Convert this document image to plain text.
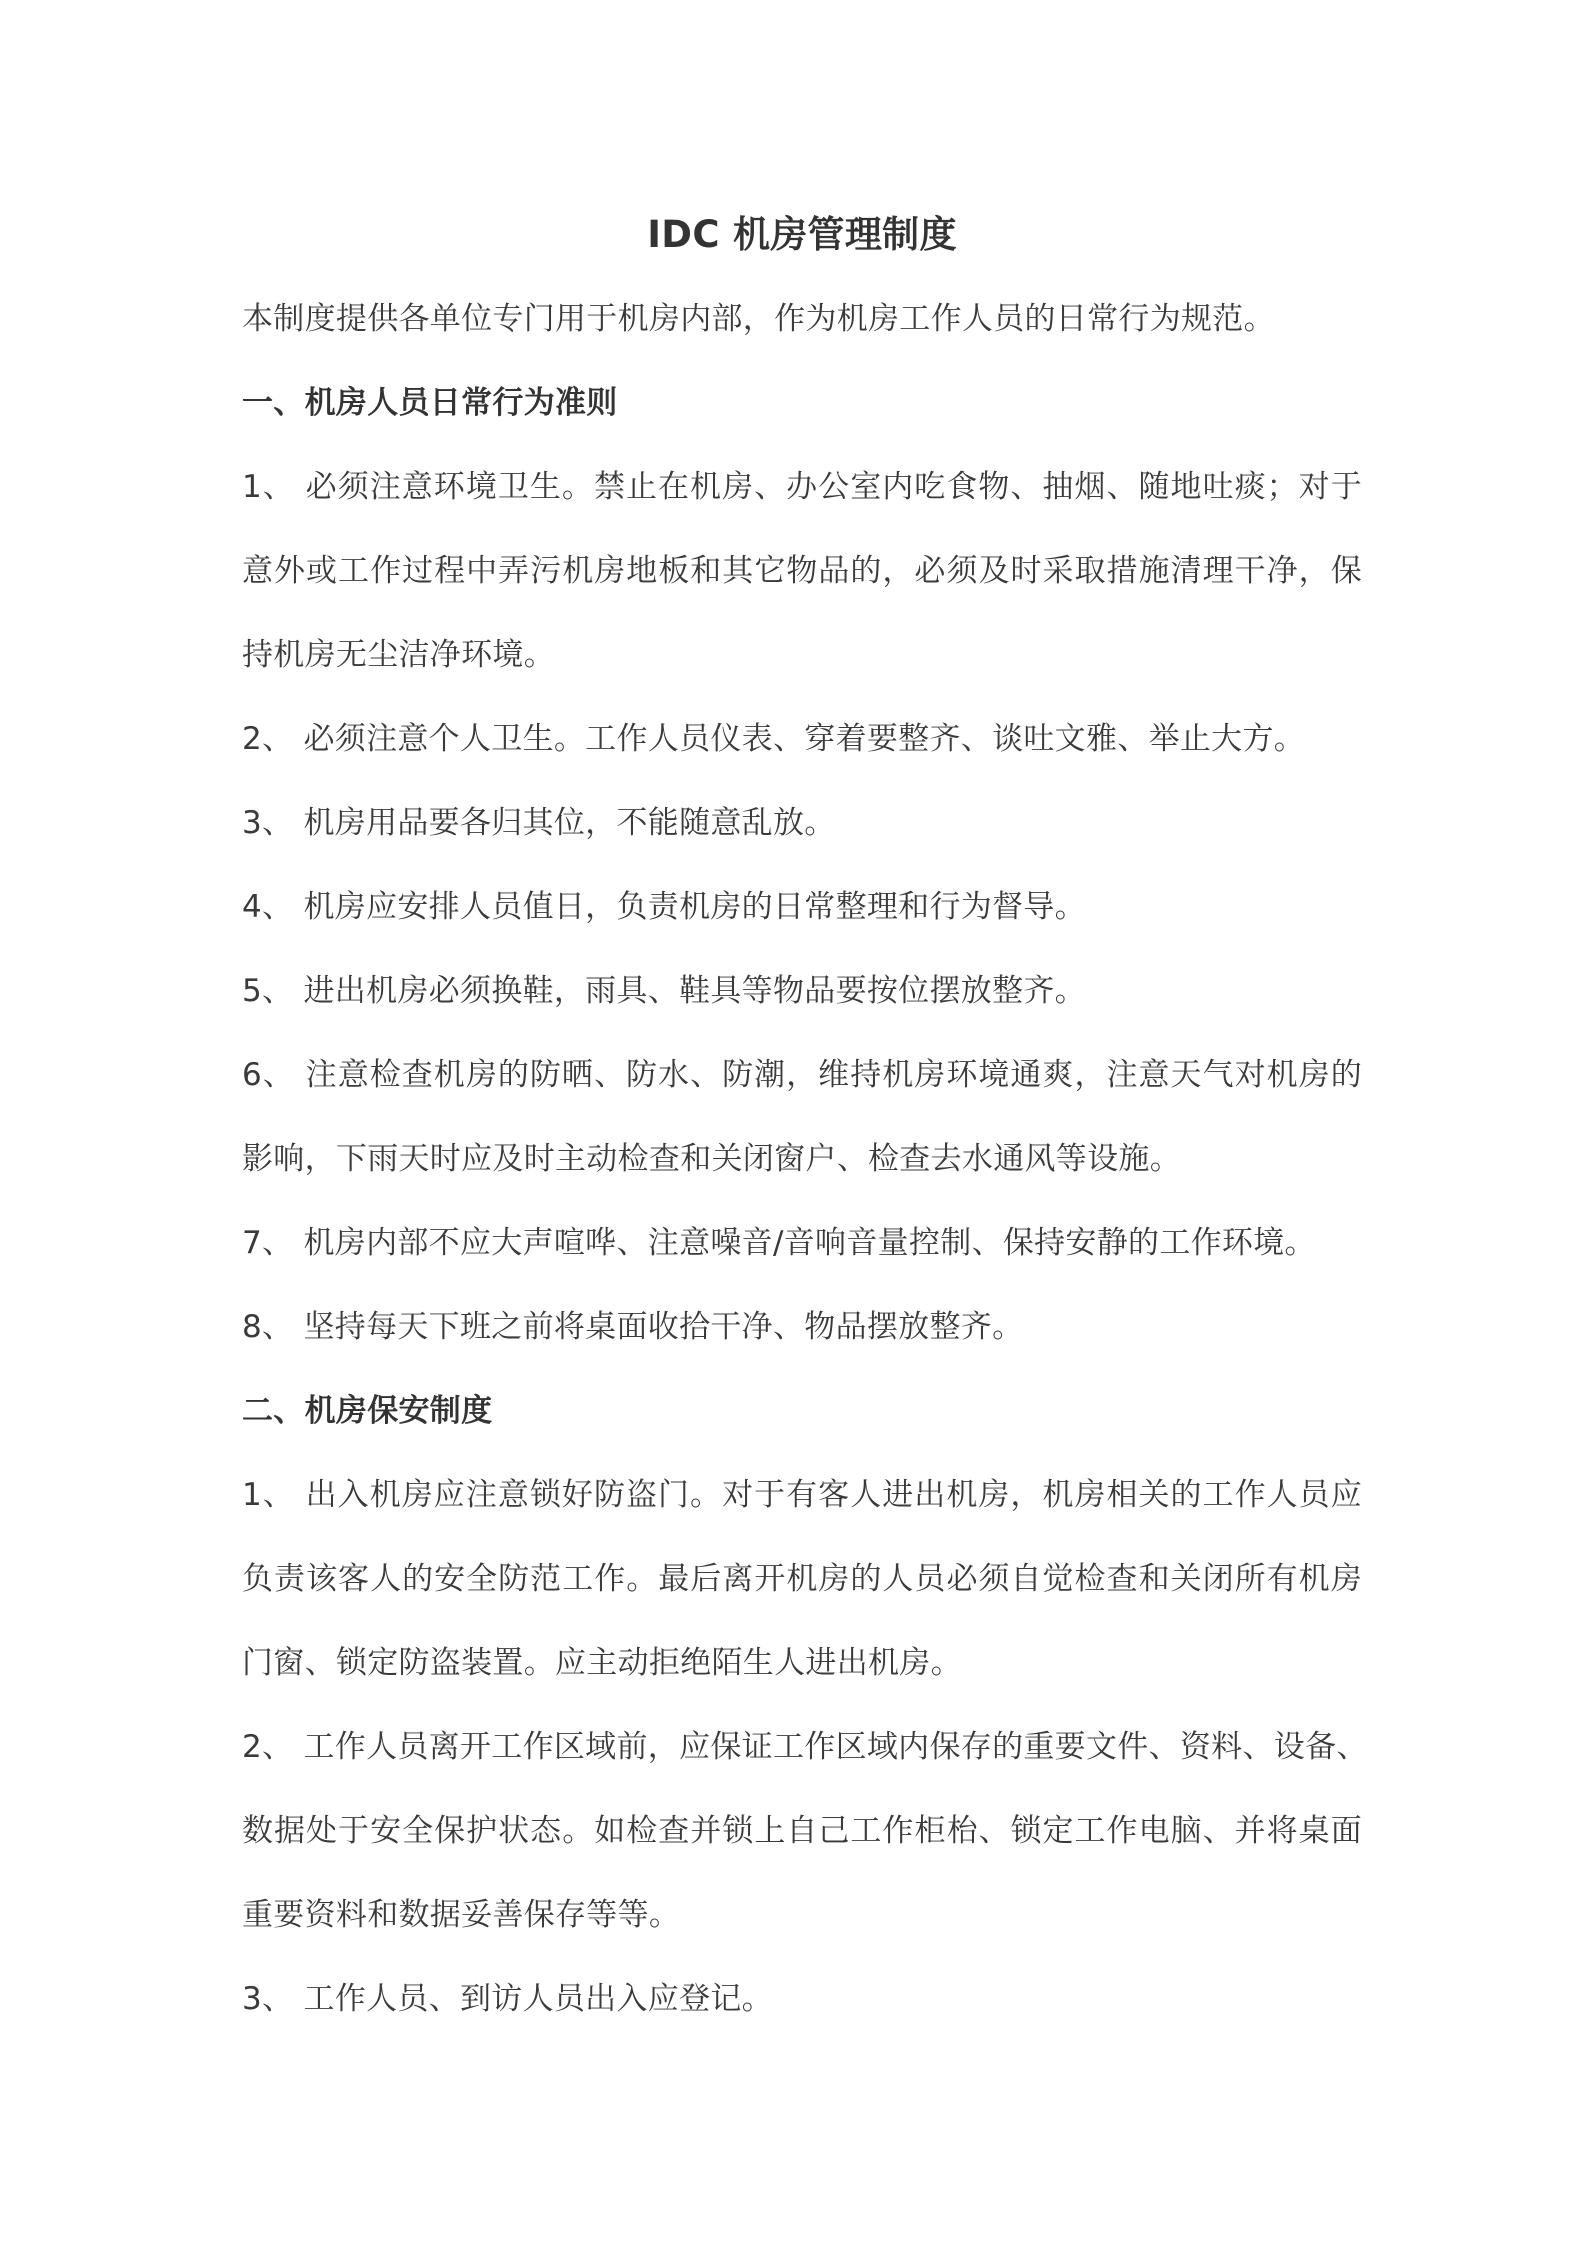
IDC 机房管理制度
本制度提供各单位专门用于机房内部，作为机房工作人员的日常行为规范。
一、机房人员日常行为准则
1、 必须注意环境卫生。禁止在机房、办公室内吃食物、抽烟、随地吐痰；对于
意外或工作过程中弄污机房地板和其它物品的，必须及时采取措施清理干净，保
持机房无尘洁净环境。
2、 必须注意个人卫生。工作人员仪表、穿着要整齐、谈吐文雅、举止大方。
3、 机房用品要各归其位，不能随意乱放。
4、 机房应安排人员值日，负责机房的日常整理和行为督导。
5、 进出机房必须换鞋，雨具、鞋具等物品要按位摆放整齐。
6、 注意检查机房的防晒、防水、防潮，维持机房环境通爽，注意天气对机房的
影响，下雨天时应及时主动检查和关闭窗户、检查去水通风等设施。
7、 机房内部不应大声喧哗、注意噪音/音响音量控制、保持安静的工作环境。
8、 坚持每天下班之前将桌面收拾干净、物品摆放整齐。
二、机房保安制度
1、 出入机房应注意锁好防盗门。对于有客人进出机房，机房相关的工作人员应
负责该客人的安全防范工作。最后离开机房的人员必须自觉检查和关闭所有机房
门窗、锁定防盗装置。应主动拒绝陌生人进出机房。
2、 工作人员离开工作区域前，应保证工作区域内保存的重要文件、资料、设备、
数据处于安全保护状态。如检查并锁上自己工作柜枱、锁定工作电脑、并将桌面
重要资料和数据妥善保存等等。
3、 工作人员、到访人员出入应登记。
